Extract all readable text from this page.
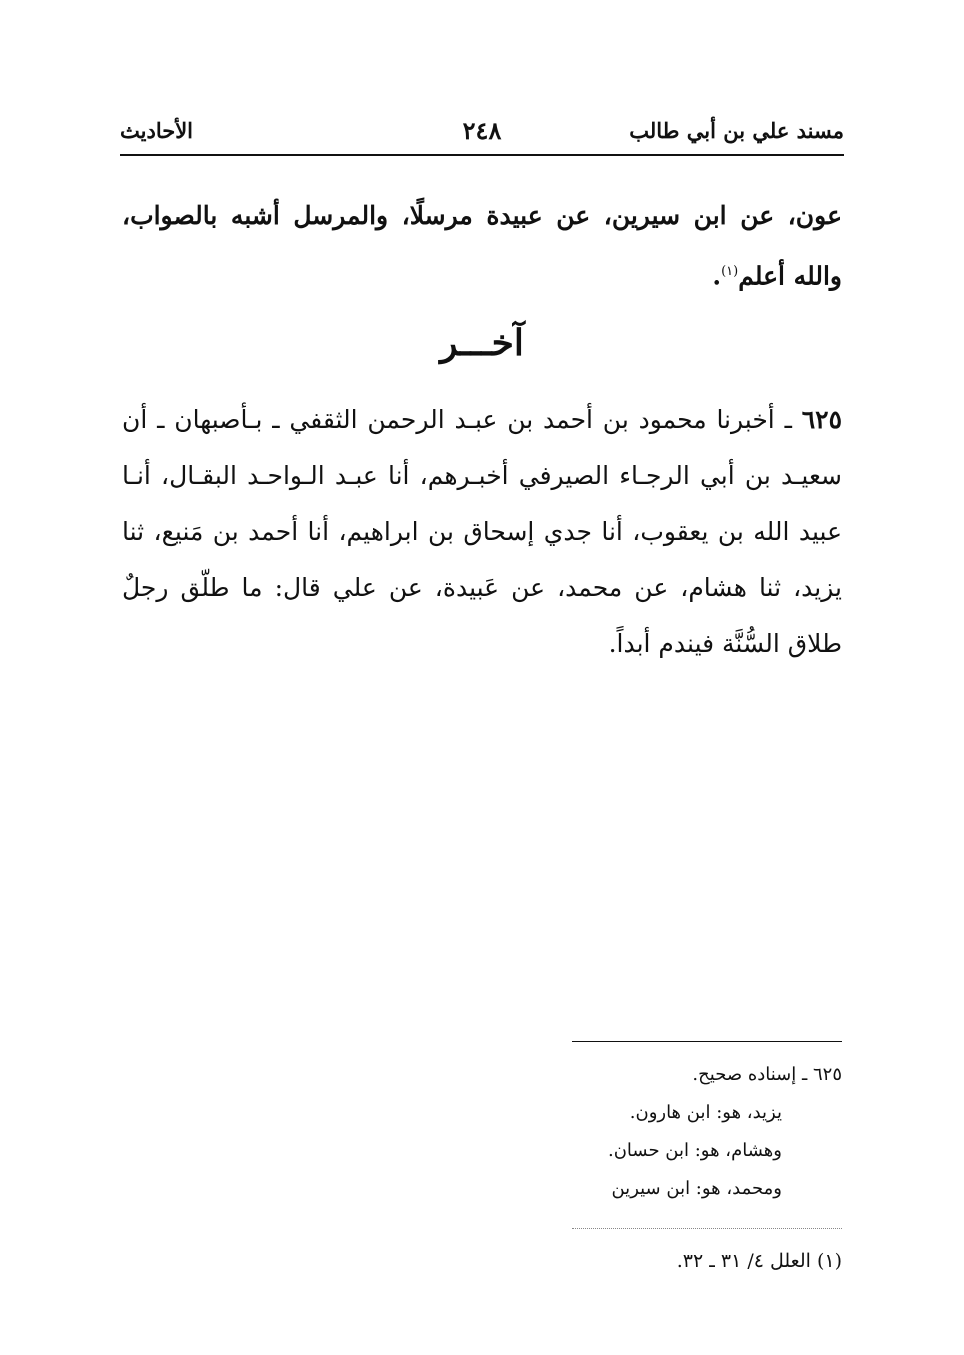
مسند علي بن أبي طالب
٢٤٨
الأحاديث
عون، عن ابن سيرين، عن عبيدة مرسلًا، والمرسل أشبه بالصواب، والله أعلم$^{(١)}$.
آخـــر
٦٢٥ ـ أخبرنا محمود بن أحمد بن عبـد الرحمن الثقفي ـ بـأصبهان ـ أن سعيـد بن أبي الرجـاء الصيرفي أخبـرهم، أنا عبـد الـواحـد البقـال، أنـا عبيد الله بن يعقوب، أنا جدي إسحاق بن ابراهيم، أنا أحمد بن مَنيع، ثنا يزيد، ثنا هشام، عن محمد، عن عَبيدة، عن علي قال: ما طلّق رجلٌ طلاق السُّنَّة فيندم أبداً.
٦٢٥ ـ إسناده صحيح.
يزيد، هو: ابن هارون.
وهشام، هو: ابن حسان.
ومحمد، هو: ابن سيرين
(١) العلل ٤/ ٣١ ـ ٣٢.
